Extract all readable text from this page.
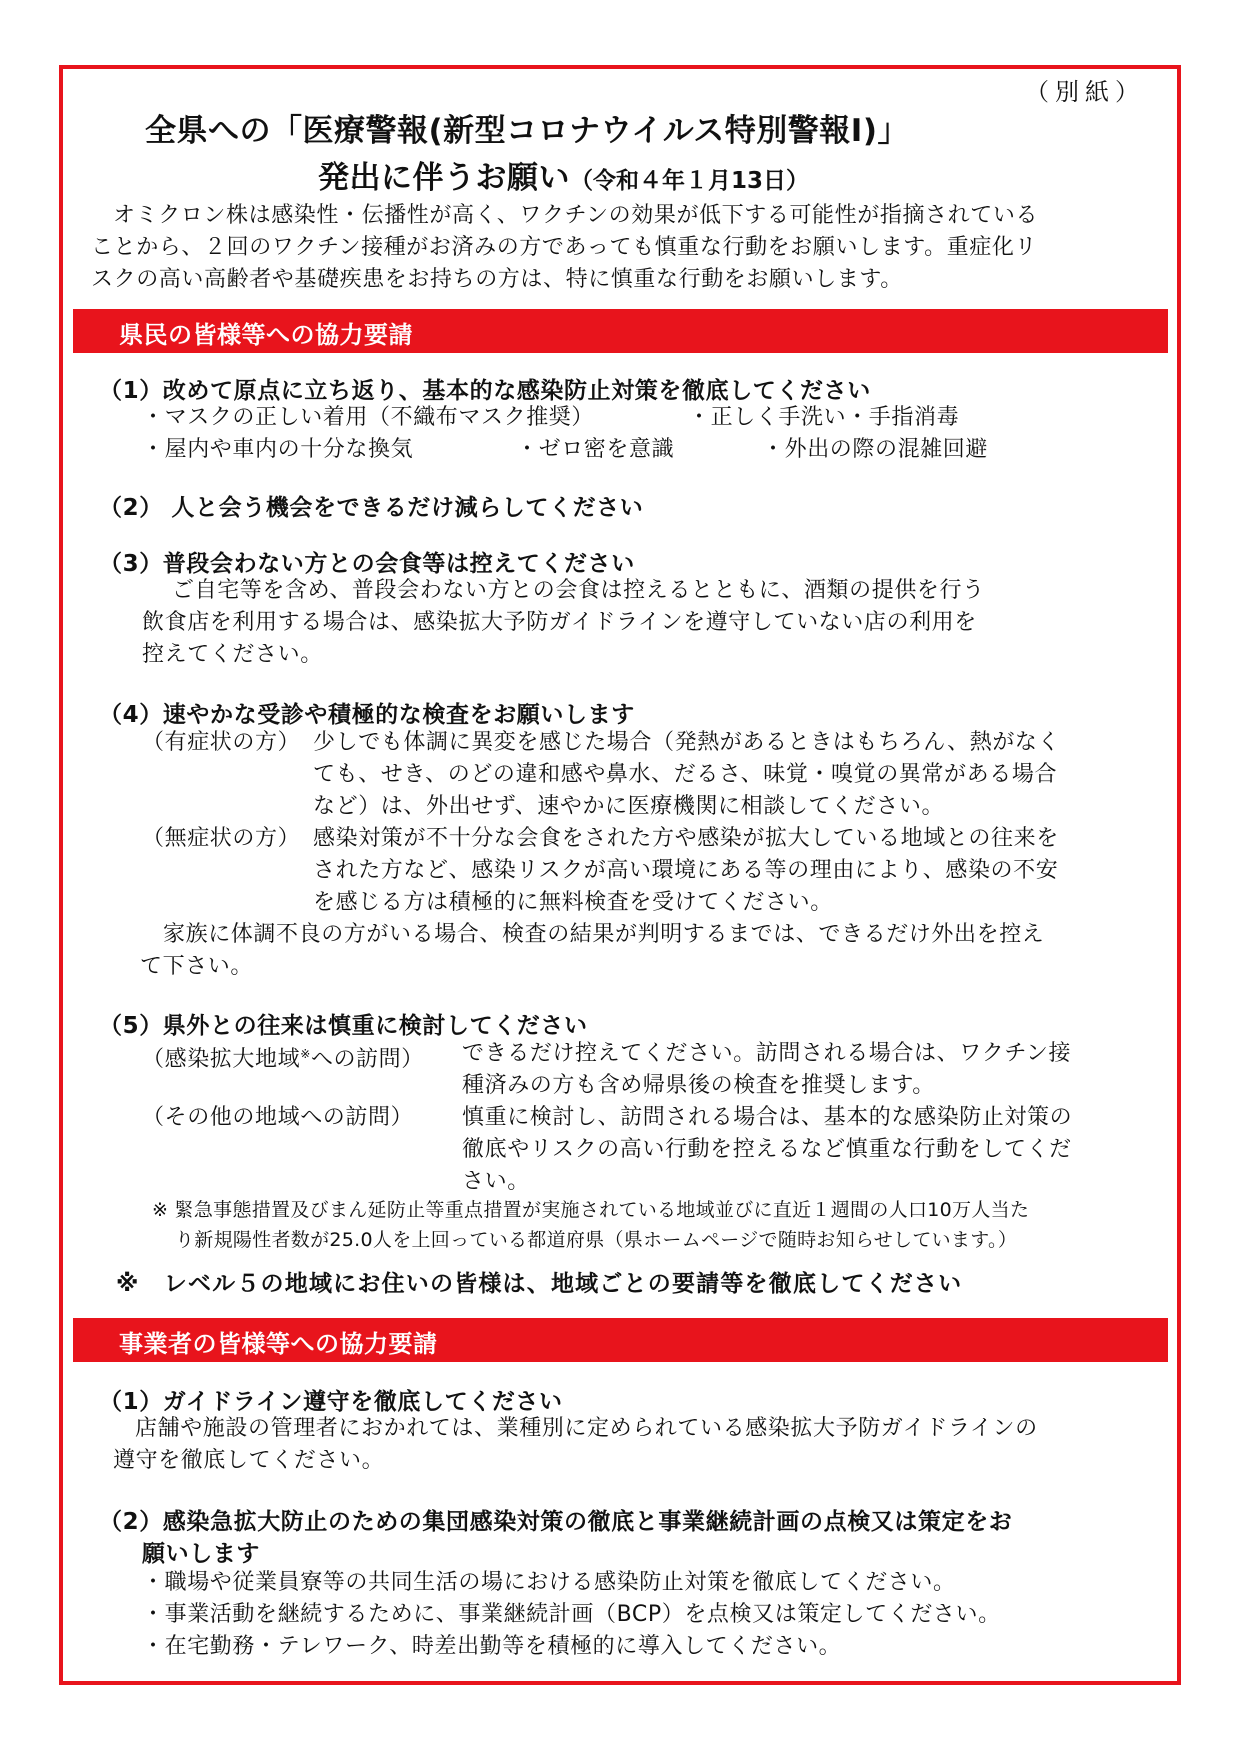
（別紙）
全県への「医療警報(新型コロナウイルス特別警報Ⅰ)」
発出に伴うお願い（令和４年１月13日）
オミクロン株は感染性・伝播性が高く、ワクチンの効果が低下する可能性が指摘されている
ことから、２回のワクチン接種がお済みの方であっても慎重な行動をお願いします。重症化リ
スクの高い高齢者や基礎疾患をお持ちの方は、特に慎重な行動をお願いします。
県民の皆様等への協力要請
（1）改めて原点に立ち返り、基本的な感染防止対策を徹底してください
・マスクの正しい着用（不織布マスク推奨）	・正しく手洗い・手指消毒
・屋内や車内の十分な換気	・ゼロ密を意識	・外出の際の混雑回避
（2） 人と会う機会をできるだけ減らしてください
（3）普段会わない方との会食等は控えてください
ご自宅等を含め、普段会わない方との会食は控えるとともに、酒類の提供を行う
飲食店を利用する場合は、感染拡大予防ガイドラインを遵守していない店の利用を
控えてください。
（4）速やかな受診や積極的な検査をお願いします
（有症状の方） 少しでも体調に異変を感じた場合（発熱があるときはもちろん、熱がなく
ても、せき、のどの違和感や鼻水、だるさ、味覚・嗅覚の異常がある場合
など）は、外出せず、速やかに医療機関に相談してください。
（無症状の方） 感染対策が不十分な会食をされた方や感染が拡大している地域との往来を
された方など、感染リスクが高い環境にある等の理由により、感染の不安
を感じる方は積極的に無料検査を受けてください。
家族に体調不良の方がいる場合、検査の結果が判明するまでは、できるだけ外出を控え
て下さい。
（5）県外との往来は慎重に検討してください
（感染拡大地域※への訪問） できるだけ控えてください。訪問される場合は、ワクチン接
種済みの方も含め帰県後の検査を推奨します。
（その他の地域への訪問） 慎重に検討し、訪問される場合は、基本的な感染防止対策の
徹底やリスクの高い行動を控えるなど慎重な行動をしてくだ
さい。
※ 緊急事態措置及びまん延防止等重点措置が実施されている地域並びに直近１週間の人口10万人当た
り新規陽性者数が25.0人を上回っている都道府県（県ホームページで随時お知らせしています。）
※　レベル５の地域にお住いの皆様は、地域ごとの要請等を徹底してください
事業者の皆様等への協力要請
（1）ガイドライン遵守を徹底してください
店舗や施設の管理者におかれては、業種別に定められている感染拡大予防ガイドラインの
遵守を徹底してください。
（2）感染急拡大防止のための集団感染対策の徹底と事業継続計画の点検又は策定をお
願いします
・職場や従業員寮等の共同生活の場における感染防止対策を徹底してください。
・事業活動を継続するために、事業継続計画（BCP）を点検又は策定してください。
・在宅勤務・テレワーク、時差出勤等を積極的に導入してください。
